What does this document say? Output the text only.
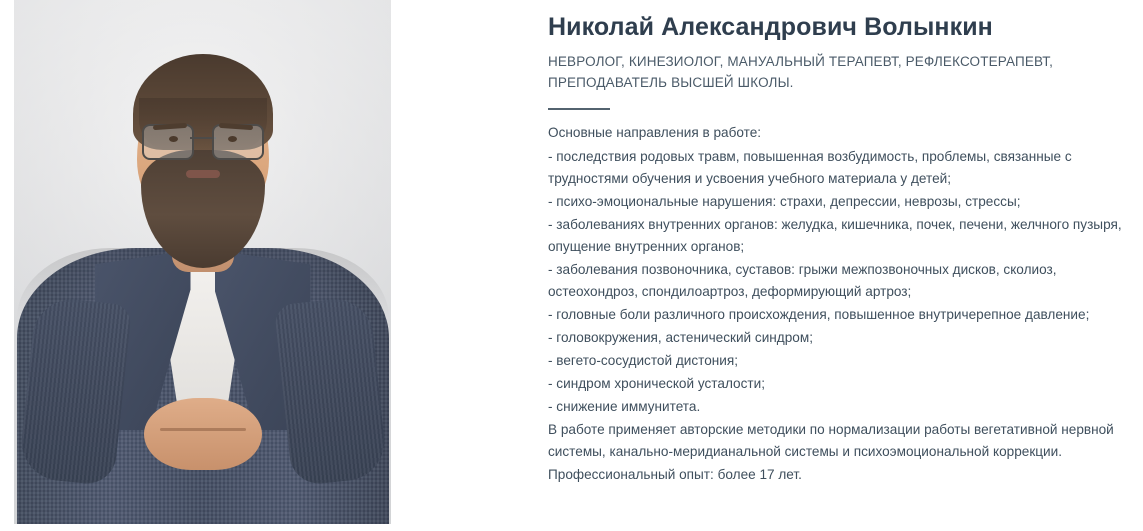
Николай Александрович Волынкин
НЕВРОЛОГ, КИНЕЗИОЛОГ, МАНУАЛЬНЫЙ ТЕРАПЕВТ, РЕФЛЕКСОТЕРАПЕВТ, ПРЕПОДАВАТЕЛЬ ВЫСШЕЙ ШКОЛЫ.

Основные направления в работе:

- последствия родовых травм, повышенная возбудимость, проблемы, связанные с трудностями обучения и усвоения учебного материала у детей;

- психо-эмоциональные нарушения: страхи, депрессии, неврозы, стрессы;

- заболеваниях внутренних органов: желудка, кишечника, почек, печени, желчного пузыря, опущение внутренних органов;

- заболевания позвоночника, суставов: грыжи межпозвоночных дисков, сколиоз, остеохондроз, спондилоартроз, деформирующий артроз;

- головные боли различного происхождения, повышенное внутричерепное давление;

- головокружения, астенический синдром;

- вегето-сосудистой дистония;

- синдром хронической усталости;

- снижение иммунитета.

В работе применяет авторские методики по нормализации работы вегетативной нервной системы, канально-меридианальной системы и психоэмоциональной коррекции.

Профессиональный опыт: более 17 лет.
